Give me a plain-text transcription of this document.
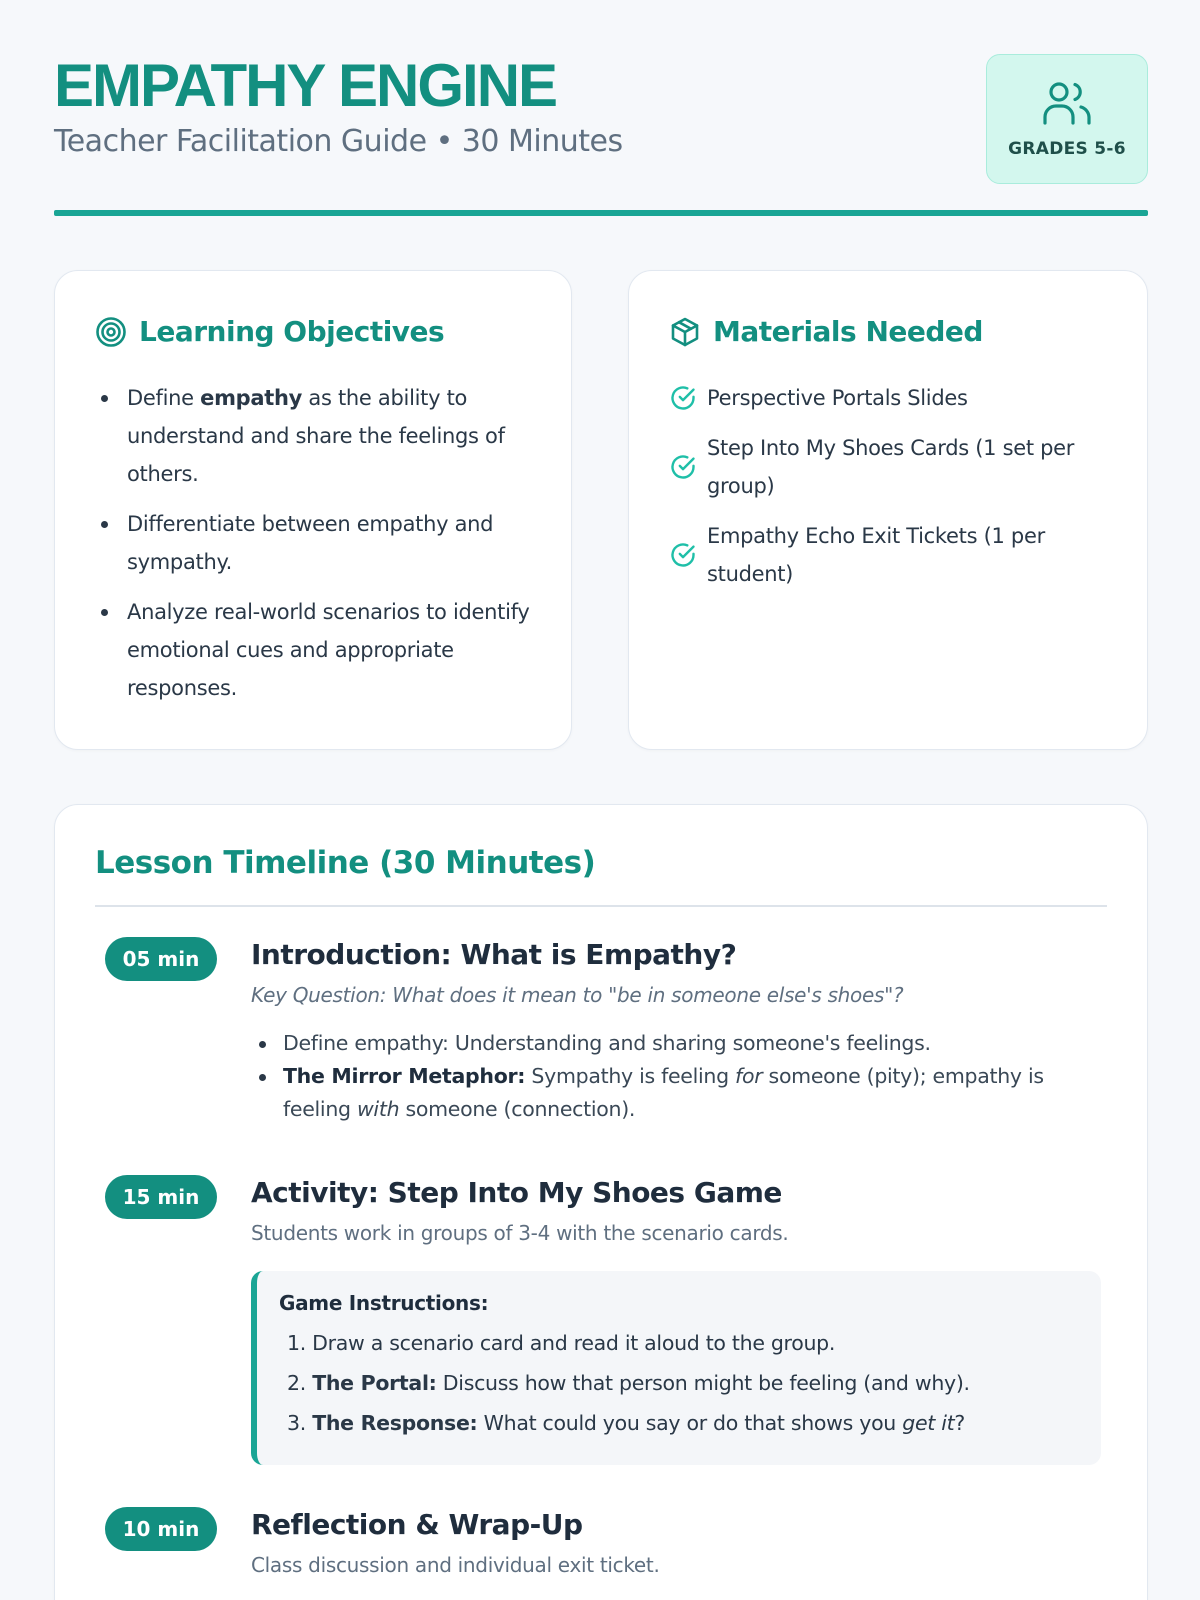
EMPATHY ENGINE
Teacher Facilitation Guide • 30 Minutes	GRADES 5-6
Learning Objectives
Define empathy as the ability to understand and share the feelings of others.
Differentiate between empathy and sympathy.
Analyze real-world scenarios to identify emotional cues and appropriate responses.
Materials Needed
Perspective Portals Slides
Step Into My Shoes Cards (1 set per group)
Empathy Echo Exit Tickets (1 per student)
Lesson Timeline (30 Minutes)
05 min	Introduction: What is Empathy?
Key Question: What does it mean to "be in someone else's shoes"?
Define empathy: Understanding and sharing someone's feelings.
The Mirror Metaphor: Sympathy is feeling for someone (pity); empathy is feeling with someone (connection).
15 min	Activity: Step Into My Shoes Game
Students work in groups of 3-4 with the scenario cards.
Game Instructions:
1. Draw a scenario card and read it aloud to the group.
2. The Portal: Discuss how that person might be feeling (and why).
3. The Response: What could you say or do that shows you get it?
10 min	Reflection & Wrap-Up
Class discussion and individual exit ticket.
